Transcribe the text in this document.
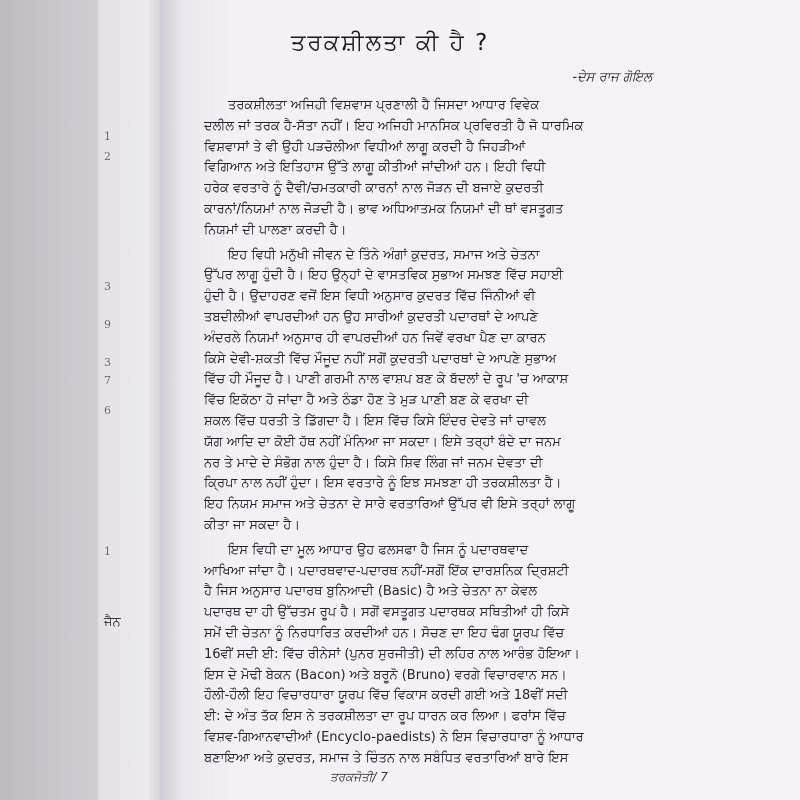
1
2
3
9
3
7
6
1
ਜੈਨ
ਤਰਕਸ਼ੀਲਤਾ ਕੀ ਹੈ ?
-ਦੇਸ ਰਾਜ ਗੋਇਲ
ਤਰਕਸ਼ੀਲਤਾ ਅਜਿਹੀ ਵਿਸ਼ਵਾਸ ਪ੍ਰਣਾਲੀ ਹੈ ਜਿਸਦਾ ਆਧਾਰ ਵਿਵੇਕ
ਦਲੀਲ ਜਾਂ ਤਰਕ ਹੈ-ਸੱਤਾ ਨਹੀਂ। ਇਹ ਅਜਿਹੀ ਮਾਨਸਿਕ ਪ੍ਰਵਿਰਤੀ ਹੈ ਜੋ ਧਾਰਮਿਕ
ਵਿਸ਼ਵਾਸਾਂ ਤੇ ਵੀ ਉਹੀ ਪੜਚੋਲੀਆ ਵਿਧੀਆਂ ਲਾਗੂ ਕਰਦੀ ਹੈ ਜਿਹੜੀਆਂ
ਵਿਗਿਆਨ ਅਤੇ ਇਤਿਹਾਸ ਉੱਤੇ ਲਾਗੂ ਕੀਤੀਆਂ ਜਾਂਦੀਆਂ ਹਨ। ਇਹੀ ਵਿਧੀ
ਹਰੇਕ ਵਰਤਾਰੇ ਨੂੰ ਦੈਵੀ/ਚਮਤਕਾਰੀ ਕਾਰਨਾਂ ਨਾਲ ਜੋੜਨ ਦੀ ਬਜਾਏ ਕੁਦਰਤੀ
ਕਾਰਨਾਂ/ਨਿਯਮਾਂ ਨਾਲ ਜੋੜਦੀ ਹੈ। ਭਾਵ ਅਧਿਆਤਮਕ ਨਿਯਮਾਂ ਦੀ ਥਾਂ ਵਸਤੂਗਤ
ਨਿਯਮਾਂ ਦੀ ਪਾਲਣਾ ਕਰਦੀ ਹੈ।
ਇਹ ਵਿਧੀ ਮਨੁੱਖੀ ਜੀਵਨ ਦੇ ਤਿੰਨੇ ਅੰਗਾਂ ਕੁਦਰਤ, ਸਮਾਜ ਅਤੇ ਚੇਤਨਾ
ਉੱਪਰ ਲਾਗੂ ਹੁੰਦੀ ਹੈ। ਇਹ ਉਨ੍ਹਾਂ ਦੇ ਵਾਸਤਵਿਕ ਸੁਭਾਅ ਸਮਝਣ ਵਿੱਚ ਸਹਾਈ
ਹੁੰਦੀ ਹੈ। ਉਦਾਹਰਣ ਵਜੋਂ ਇਸ ਵਿਧੀ ਅਨੁਸਾਰ ਕੁਦਰਤ ਵਿੱਚ ਜਿੰਨੀਆਂ ਵੀ
ਤਬਦੀਲੀਆਂ ਵਾਪਰਦੀਆਂ ਹਨ ਉਹ ਸਾਰੀਆਂ ਕੁਦਰਤੀ ਪਦਾਰਥਾਂ ਦੇ ਆਪਣੇ
ਅੰਦਰਲੇ ਨਿਯਮਾਂ ਅਨੁਸਾਰ ਹੀ ਵਾਪਰਦੀਆਂ ਹਨ ਜਿਵੇਂ ਵਰਖਾ ਪੈਣ ਦਾ ਕਾਰਨ
ਕਿਸੇ ਦੇਵੀ-ਸ਼ਕਤੀ ਵਿੱਚ ਮੌਜੂਦ ਨਹੀਂ ਸਗੋਂ ਕੁਦਰਤੀ ਪਦਾਰਥਾਂ ਦੇ ਆਪਣੇ ਸੁਭਾਅ
ਵਿੱਚ ਹੀ ਮੌਜੂਦ ਹੈ। ਪਾਣੀ ਗਰਮੀ ਨਾਲ ਵਾਸ਼ਪ ਬਣ ਕੇ ਬੱਦਲਾਂ ਦੇ ਰੂਪ 'ਚ ਆਕਾਸ਼
ਵਿੱਚ ਇਕੱਠਾ ਹੋ ਜਾਂਦਾ ਹੈ ਅਤੇ ਠੰਡਾ ਹੋਣ ਤੇ ਮੁੜ ਪਾਣੀ ਬਣ ਕੇ ਵਰਖਾ ਦੀ
ਸ਼ਕਲ ਵਿੱਚ ਧਰਤੀ ਤੇ ਡਿੱਗਦਾ ਹੈ। ਇਸ ਵਿੱਚ ਕਿਸੇ ਇੰਦਰ ਦੇਵਤੇ ਜਾਂ ਚਾਵਲ
ਯੱਗ ਆਦਿ ਦਾ ਕੋਈ ਹੱਥ ਨਹੀਂ ਮੰਨਿਆ ਜਾ ਸਕਦਾ। ਇਸੇ ਤਰ੍ਹਾਂ ਬੰਦੇ ਦਾ ਜਨਮ
ਨਰ ਤੇ ਮਾਦੇ ਦੇ ਸੰਭੋਗ ਨਾਲ ਹੁੰਦਾ ਹੈ। ਕਿਸੇ ਸ਼ਿਵ ਲਿੰਗ ਜਾਂ ਜਨਮ ਦੇਵਤਾ ਦੀ
ਕ੍ਰਿਪਾ ਨਾਲ ਨਹੀਂ ਹੁੰਦਾ। ਇਸ ਵਰਤਾਰੇ ਨੂੰ ਇਝ ਸਮਝਣਾ ਹੀ ਤਰਕਸ਼ੀਲਤਾ ਹੈ।
ਇਹ ਨਿਯਮ ਸਮਾਜ ਅਤੇ ਚੇਤਨਾ ਦੇ ਸਾਰੇ ਵਰਤਾਰਿਆਂ ਉੱਪਰ ਵੀ ਇਸੇ ਤਰ੍ਹਾਂ ਲਾਗੂ
ਕੀਤਾ ਜਾ ਸਕਦਾ ਹੈ।
ਇਸ ਵਿਧੀ ਦਾ ਮੂਲ ਆਧਾਰ ਉਹ ਫਲਸਫਾ ਹੈ ਜਿਸ ਨੂੰ ਪਦਾਰਥਵਾਦ
ਆਖਿਆ ਜਾਂਦਾ ਹੈ। ਪਦਾਰਥਵਾਦ-ਪਦਾਰਥ ਨਹੀਂ-ਸਗੋਂ ਇੱਕ ਦਾਰਸ਼ਨਿਕ ਦ੍ਰਿਸ਼ਟੀ
ਹੈ ਜਿਸ ਅਨੁਸਾਰ ਪਦਾਰਥ ਬੁਨਿਆਦੀ (Basic) ਹੈ ਅਤੇ ਚੇਤਨਾ ਨਾ ਕੇਵਲ
ਪਦਾਰਥ ਦਾ ਹੀ ਉੱਚਤਮ ਰੂਪ ਹੈ। ਸਗੋਂ ਵਸਤੂਗਤ ਪਦਾਰਥਕ ਸਥਿਤੀਆਂ ਹੀ ਕਿਸੇ
ਸਮੇਂ ਦੀ ਚੇਤਨਾ ਨੂੰ ਨਿਰਧਾਰਿਤ ਕਰਦੀਆਂ ਹਨ। ਸੋਚਣ ਦਾ ਇਹ ਢੰਗ ਯੂਰਪ ਵਿੱਚ
16ਵੀਂ ਸਦੀ ਈ: ਵਿੱਚ ਰੀਨੇਸਾਂ (ਪੁਨਰ ਸੁਰਜੀਤੀ) ਦੀ ਲਹਿਰ ਨਾਲ ਆਰੰਭ ਹੋਇਆ।
ਇਸ ਦੇ ਮੋਢੀ ਬੇਕਨ (Bacon) ਅਤੇ ਬਰੂਨੋ (Bruno) ਵਰਗੇ ਵਿਚਾਰਵਾਨ ਸਨ।
ਹੌਲੀ-ਹੌਲੀ ਇਹ ਵਿਚਾਰਧਾਰਾ ਯੂਰਪ ਵਿੱਚ ਵਿਕਾਸ ਕਰਦੀ ਗਈ ਅਤੇ 18ਵੀਂ ਸਦੀ
ਈ: ਦੇ ਅੰਤ ਤੱਕ ਇਸ ਨੇ ਤਰਕਸ਼ੀਲਤਾ ਦਾ ਰੂਪ ਧਾਰਨ ਕਰ ਲਿਆ। ਫਰਾਂਸ ਵਿੱਚ
ਵਿਸ਼ਵ-ਗਿਆਨਵਾਦੀਆਂ (Encyclo-paedists) ਨੇ ਇਸ ਵਿਚਾਰਧਾਰਾ ਨੂੰ ਆਧਾਰ
ਬਣਾਇਆ ਅਤੇ ਕੁਦਰਤ, ਸਮਾਜ ਤੇ ਚਿੰਤਨ ਨਾਲ ਸਬੰਧਿਤ ਵਰਤਾਰਿਆਂ ਬਾਰੇ ਇਸ
ਤਰਕਜੋਤੀ/ 7
